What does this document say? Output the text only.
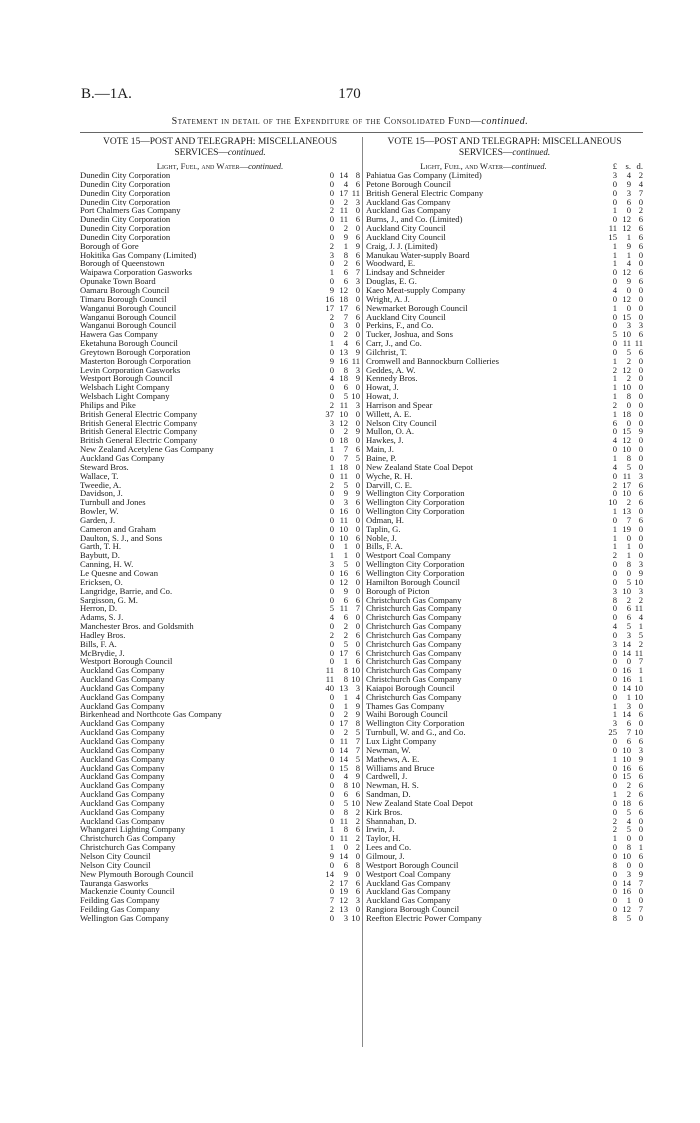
B.—1A.	170
Statement in detail of the Expenditure of the Consolidated Fund—continued.
VOTE 15—POST AND TELEGRAPH: MISCELLANEOUS
SERVICES—continued.
Light, Fuel, and Water—continued.
Dunedin City Corporation	0 14 8
Dunedin City Corporation	0	4 6
Dunedin City Corporation	0 17 11
Dunedin City Corporation	0	2 3
Port Chalmers Gas Company	2 11 0
Dunedin City Corporation	0 11 6
Dunedin City Corporation	0	2 0
Dunedin City Corporation	0	9 6
Borough of Gore	2	1 9
Hokitika Gas Company (Limited)	3	8 6
Borough of Queenstown	0	2 6
Waipawa Corporation Gasworks	1	6 7
Opunake Town Board	0	6 3
Oamaru Borough Council	9 12 0
Timaru Borough Council	16 18 0
Wanganui Borough Council	17 17 6
Wanganui Borough Council	2	7 6
Wanganui Borough Council	0	3 0
Hawera Gas Company	0	2 0
Eketahuna Borough Council	1	4 6
Greytown Borough Corporation	0 13 9
Masterton Borough Corporation	9 16 11
Levin Corporation Gasworks	0	8 3
Westport Borough Council	4 18 9
Welsbach Light Company	0	6 0
Welsbach Light Company	0	5 10
Philips and Pike	2 11 3
British General Electric Company	37 10 0
British General Electric Company	3 12 0
British General Electric Company	0	2 9
British General Electric Company	0 18 0
New Zealand Acetylene Gas Company	1	7 6
Auckland Gas Company	0	7 5
Steward Bros.	1 18 0
Wallace, T.	0 11 0
Tweedie, A.	2	5 0
Davidson, J.	0	9 9
Turnbull and Jones	0	3 6
Bowler, W.	0 16 0
Garden, J.	0 11 0
Cameron and Graham	0 10 0
Daulton, S. J., and Sons	0 10 6
Garth, T. H.	0	1 0
Baybutt, D.	1	1 0
Canning, H. W.	3	5 0
Le Quesne and Cowan	0 16 6
Ericksen, O.	0 12 0
Langridge, Barrie, and Co.	0	9 0
Sargisson, G. M.	0	6 6
Herron, D.	5 11 7
Adams, S. J.	4	6 0
Manchester Bros. and Goldsmith	0	2 0
Hadley Bros.	2	2 6
Bills, F. A.	0	5 0
McBrydie, J.	0 17 6
Westport Borough Council	0	1 6
Auckland Gas Company	11	8 10
Auckland Gas Company	11	8 10
Auckland Gas Company	40 13 3
Auckland Gas Company	0	1 4
Auckland Gas Company	0	1 9
Birkenhead and Northcote Gas Company	0	2 9
Auckland Gas Company	0 17 8
Auckland Gas Company	0	2 5
Auckland Gas Company	0 11 7
Auckland Gas Company	0 14 7
Auckland Gas Company	0 14 5
Auckland Gas Company	0 15 8
Auckland Gas Company	0	4 9
Auckland Gas Company	0	8 10
Auckland Gas Company	0	6 6
Auckland Gas Company	0	5 10
Auckland Gas Company	0	8 2
Auckland Gas Company	0 11 2
Whangarei Lighting Company	1	8 6
Christchurch Gas Company	0 11 2
Christchurch Gas Company	1	0 2
Nelson City Council	9 14 0
Nelson City Council	0	6 8
New Plymouth Borough Council	14	9 0
Tauranga Gasworks	2 17 6
Mackenzie County Council	0 19 6
Feilding Gas Company	7 12 3
Feilding Gas Company	2 13 0
Wellington Gas Company	0	3 10
VOTE 15—POST AND TELEGRAPH: MISCELLANEOUS
SERVICES—continued.
Light, Fuel, and Water—continued.	£ s. d.
Pahiatua Gas Company (Limited)	3	4 2
Petone Borough Council	0	9 4
British General Electric Company	0	3 7
Auckland Gas Company	0	6 0
Auckland Gas Company	1	0 2
Burns, J., and Co. (Limited)	0 12 6
Auckland City Council	11 12 6
Auckland City Council	15	1 6
Craig, J. J. (Limited)	1	9 6
Manukau Water-supply Board	1	1 0
Woodward, E.	1	4 0
Lindsay and Schneider	0 12 6
Douglas, E. G.	0	9 6
Kaeo Meat-supply Company	4	0 0
Wright, A. J.	0 12 0
Newmarket Borough Council	1	0 0
Auckland City Council	0 15 0
Perkins, F., and Co.	0	3 3
Tucker, Joshua, and Sons	5 10 6
Carr, J., and Co.	0 11 11
Gilchrist, T.	0	5 6
Cromwell and Bannockburn Collieries	1	2 0
Geddes, A. W.	2 12 0
Kennedy Bros.	1	2 0
Howat, J.	1 10 0
Howat, J.	1	8 0
Harrison and Spear	2	0 0
Willett, A. E.	1 18 0
Nelson City Council	6	0 0
Mullon, O. A.	0 15 9
Hawkes, J.	4 12 0
Main, J.	0 10 0
Baine, P.	1	8 0
New Zealand State Coal Depot	4	5 0
Wyche, R. H.	0 11 3
Darvill, C. E.	2 17 6
Wellington City Corporation	0 10 6
Wellington City Corporation	10	2 6
Wellington City Corporation	1 13 0
Odman, H.	0	7 6
Taplin, G.	1 19 0
Noble, J.	1	0 0
Bills, F. A.	1	1 0
Westport Coal Company	2	1 0
Wellington City Corporation	0	8 3
Wellington City Corporation	0	0 9
Hamilton Borough Council	0	5 10
Borough of Picton	3 10 3
Christchurch Gas Company	8	2 2
Christchurch Gas Company	0	6 11
Christchurch Gas Company	0	6 4
Christchurch Gas Company	4	5 1
Christchurch Gas Company	0	3 5
Christchurch Gas Company	3 14 2
Christchurch Gas Company	0 14 11
Christchurch Gas Company	0	0 7
Christchurch Gas Company	0 16 1
Christchurch Gas Company	0 16 1
Kaiapoi Borough Council	0 14 10
Christchurch Gas Company	0	1 10
Thames Gas Company	1	3 0
Waihi Borough Council	1 14 6
Wellington City Corporation	3	6 0
Turnbull, W. and G., and Co.	25	7 10
Lux Light Company	0	6 6
Newman, W.	0 10 3
Mathews, A. E.	1 10 9
Williams and Bruce	0 16 6
Cardwell, J.	0 15 6
Newman, H. S.	0	2 6
Sandman, D.	1	2 6
New Zealand State Coal Depot	0 18 6
Kirk Bros.	0	5 6
Shannahan, D.	2	4 0
Irwin, J.	2	5 0
Taylor, H.	1	0 0
Lees and Co.	0	8 1
Gilmour, J.	0 10 6
Westport Borough Council	8	0 0
Westport Coal Company	0	3 9
Auckland Gas Company	0 14 7
Auckland Gas Company	0 16 0
Auckland Gas Company	0	1 0
Rangiora Borough Council	0 12 7
Reefton Electric Power Company	8	5 0
